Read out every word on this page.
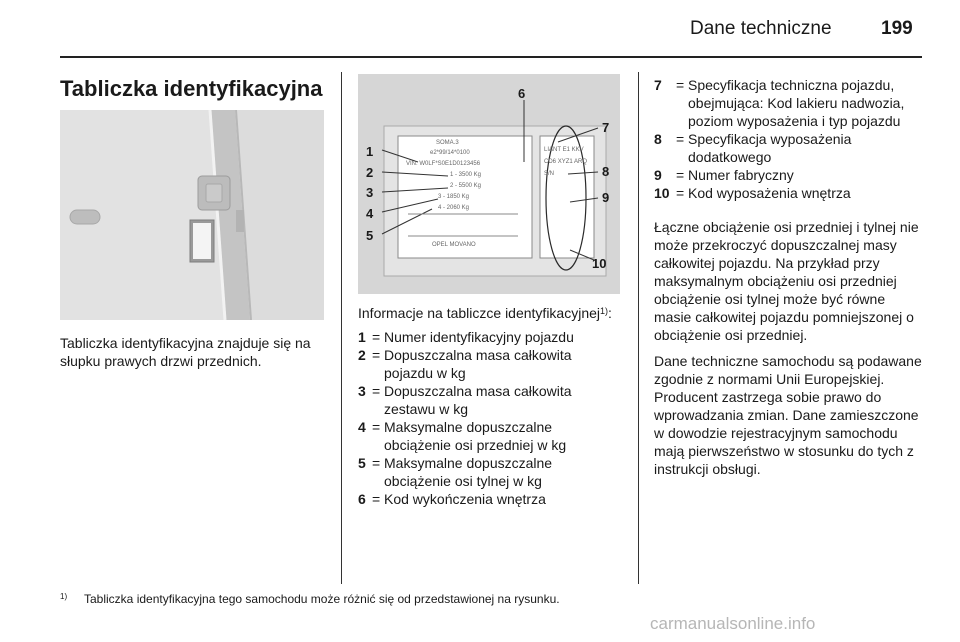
Dane techniczne	199
Tabliczka identyfikacyjna

Tabliczka identyfikacyjna znajduje się na słupku prawych drzwi przednich.

SOMA.3
e2*99/14*0100
VIN: W0LF*S0E1D0123456
1 - 3500 Kg
2 - 5500 Kg
3 - 1850 Kg
4 - 2060 Kg
OPEL MOVANO
LIANT E1 KKV CD6 XYZ1 ARQ S/N
1
2
3
4
5
6
7
8
9
10

Informacje na tabliczce identyfikacyjnej$^{1)}$:

1 = Numer identyfikacyjny pojazdu
2 = Dopuszczalna masa całkowita pojazdu w kg
3 = Dopuszczalna masa całkowita zestawu w kg
4 = Maksymalne dopuszczalne obciążenie osi przedniej w kg
5 = Maksymalne dopuszczalne obciążenie osi tylnej w kg
6 = Kod wykończenia wnętrza
7	= Specyfikacja techniczna pojazdu, obejmująca: Kod lakieru nadwozia, poziom wyposażenia i typ pojazdu
8	= Specyfikacja wyposażenia dodatkowego
9	= Numer fabryczny
10 = Kod wyposażenia wnętrza

Łączne obciążenie osi przedniej i tylnej nie może przekroczyć dopuszczalnej masy całkowitej pojazdu. Na przykład przy maksymalnym obciążeniu osi przedniej obciążenie osi tylnej może być równe masie całkowitej pojazdu pomniejszonej o obciążenie osi przedniej.

Dane techniczne samochodu są podawane zgodnie z normami Unii Europejskiej. Producent zastrzega sobie prawo do wprowadzania zmian. Dane zamieszczone w dowodzie rejestracyjnym samochodu mają pierwszeństwo w stosunku do tych z instrukcji obsługi.

1)	Tabliczka identyfikacyjna tego samochodu może różnić się od przedstawionej na rysunku.
carmanualsonline.info
